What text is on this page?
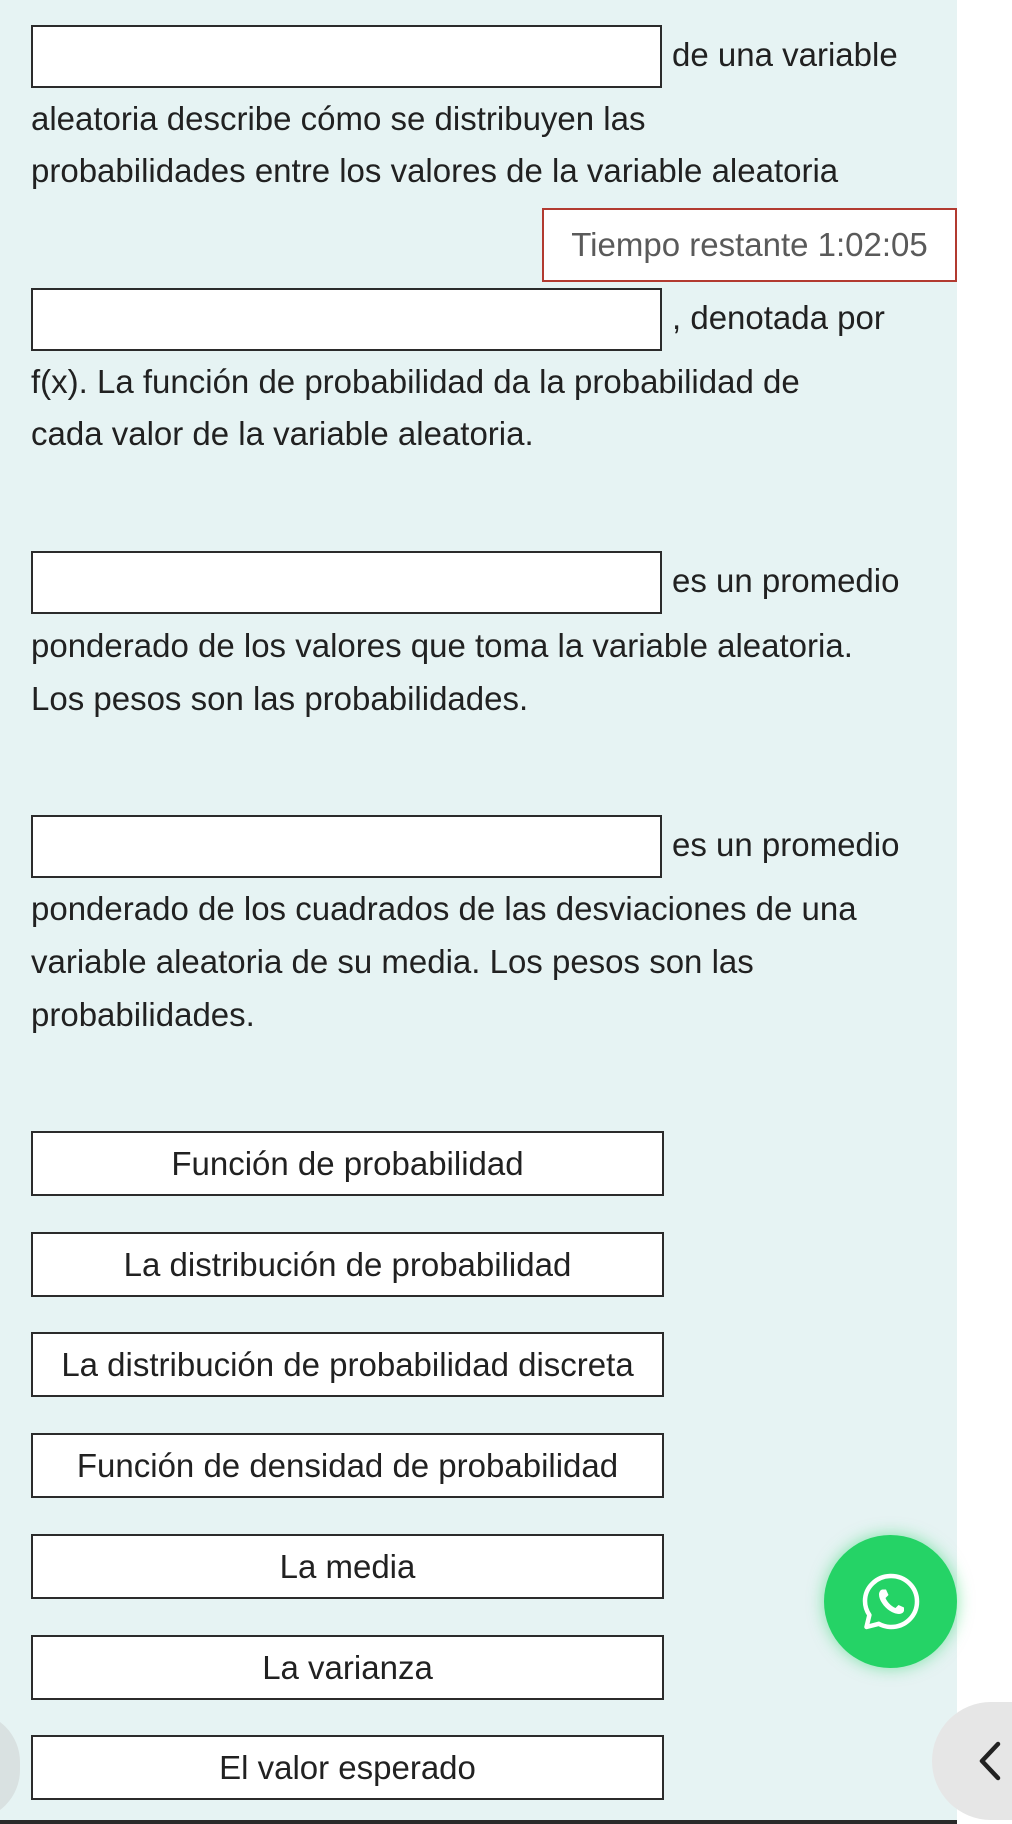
de una variable
aleatoria describe cómo se distribuyen las
probabilidades entre los valores de la variable aleatoria
Tiempo restante 1:02:05
, denotada por
f(x). La función de probabilidad da la probabilidad de
cada valor de la variable aleatoria.
es un promedio
ponderado de los valores que toma la variable aleatoria.
Los pesos son las probabilidades.
es un promedio
ponderado de los cuadrados de las desviaciones de una
variable aleatoria de su media. Los pesos son las
probabilidades.
Función de probabilidad
La distribución de probabilidad
La distribución de probabilidad discreta
Función de densidad de probabilidad
La media
La varianza
El valor esperado
